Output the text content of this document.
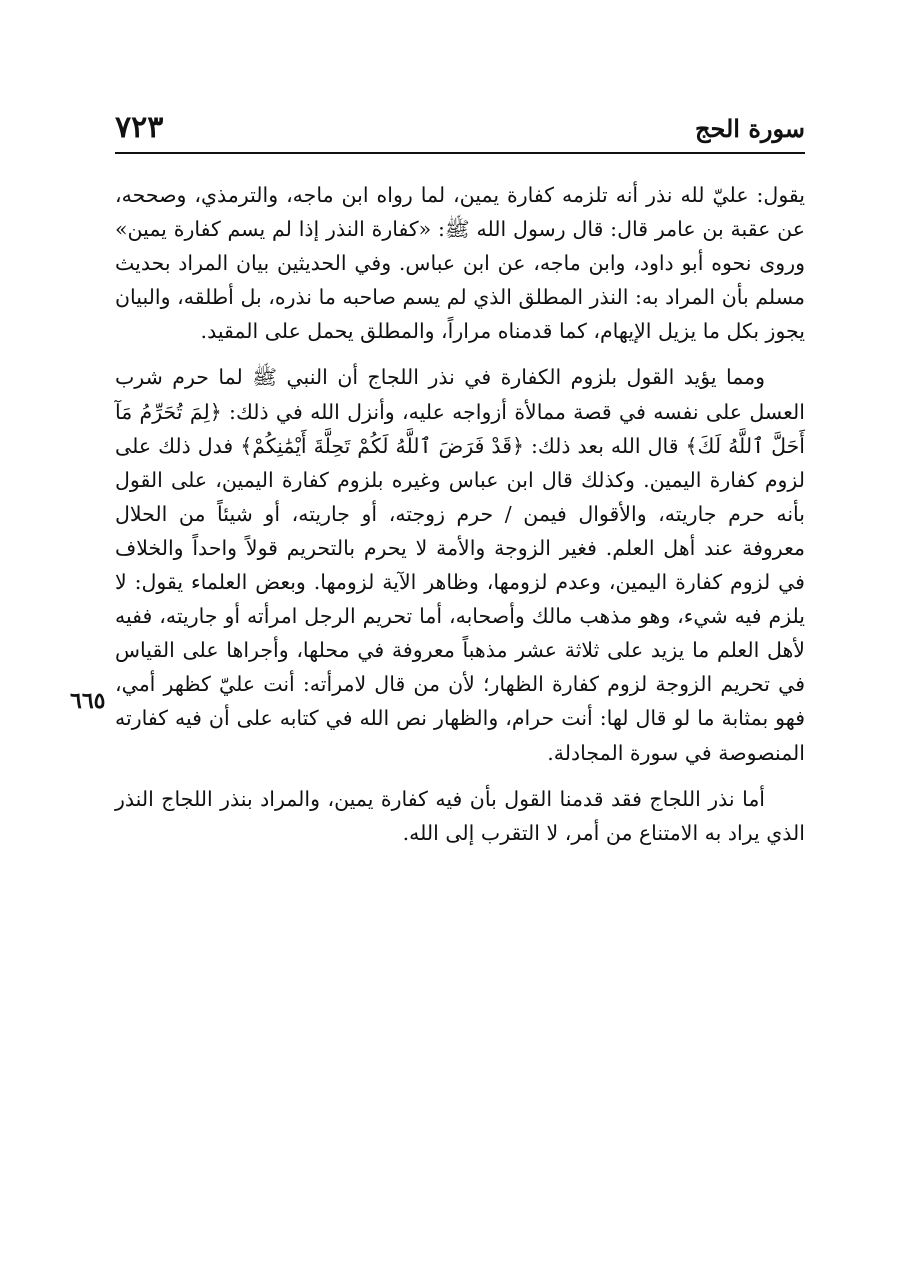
سورة الحج
٧٢٣
٦٦٥

يقول: عليّ لله نذر أنه تلزمه كفارة يمين، لما رواه ابن ماجه، والترمذي، وصححه، عن عقبة بن عامر قال: قال رسول الله ﷺ: «كفارة النذر إذا لم يسم كفارة يمين» وروى نحوه أبو داود، وابن ماجه، عن ابن عباس. وفي الحديثين بيان المراد بحديث مسلم بأن المراد به: النذر المطلق الذي لم يسم صاحبه ما نذره، بل أطلقه، والبيان يجوز بكل ما يزيل الإيهام، كما قدمناه مراراً، والمطلق يحمل على المقيد.

ومما يؤيد القول بلزوم الكفارة في نذر اللجاج أن النبي ﷺ لما حرم شرب العسل على نفسه في قصة ممالأة أزواجه عليه، وأنزل الله في ذلك: ﴿لِمَ تُحَرِّمُ مَآ أَحَلَّ ٱللَّهُ لَكَ﴾ قال الله بعد ذلك: ﴿قَدْ فَرَضَ ٱللَّهُ لَكُمْ تَحِلَّةَ أَيْمَٰنِكُمْ﴾ فدل ذلك على لزوم كفارة اليمين. وكذلك قال ابن عباس وغيره بلزوم كفارة اليمين، على القول بأنه حرم جاريته، والأقوال فيمن / حرم زوجته، أو جاريته، أو شيئاً من الحلال معروفة عند أهل العلم. فغير الزوجة والأمة لا يحرم بالتحريم قولاً واحداً والخلاف في لزوم كفارة اليمين، وعدم لزومها، وظاهر الآية لزومها. وبعض العلماء يقول: لا يلزم فيه شيء، وهو مذهب مالك وأصحابه، أما تحريم الرجل امرأته أو جاريته، ففيه لأهل العلم ما يزيد على ثلاثة عشر مذهباً معروفة في محلها، وأجراها على القياس في تحريم الزوجة لزوم كفارة الظهار؛ لأن من قال لامرأته: أنت عليّ كظهر أمي، فهو بمثابة ما لو قال لها: أنت حرام، والظهار نص الله في كتابه على أن فيه كفارته المنصوصة في سورة المجادلة.

أما نذر اللجاج فقد قدمنا القول بأن فيه كفارة يمين، والمراد بنذر اللجاج النذر الذي يراد به الامتناع من أمر، لا التقرب إلى الله.
